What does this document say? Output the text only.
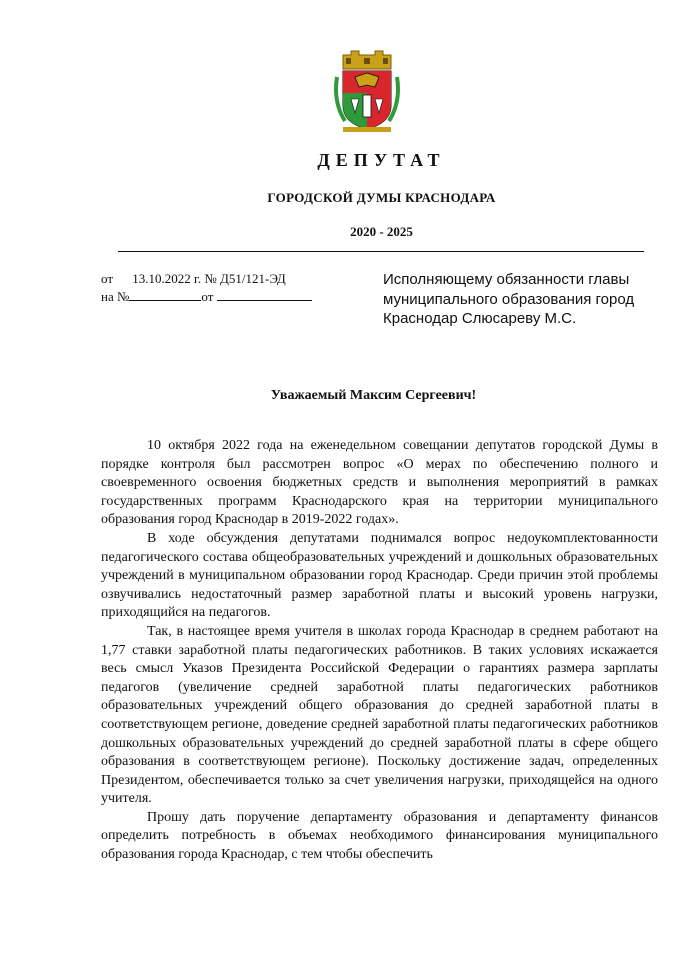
ДЕПУТАТ
ГОРОДСКОЙ ДУМЫ КРАСНОДАРА
2020 - 2025
от 13.10.2022 г. № Д51/121-ЭД
на №	от
Исполняющему обязанности главы
муниципального образования город
Краснодар Слюсареву М.С.
Уважаемый Максим Сергеевич!

10 октября 2022 года на еженедельном совещании депутатов городской Думы в порядке контроля был рассмотрен вопрос «О мерах по обеспечению полного и своевременного освоения бюджетных средств и выполнения мероприятий в рамках государственных программ Краснодарского края на территории муниципального образования город Краснодар в 2019-2022 годах».

В ходе обсуждения депутатами поднимался вопрос недоукомплектованности педагогического состава общеобразовательных учреждений и дошкольных образовательных учреждений в муниципальном образовании город Краснодар. Среди причин этой проблемы озвучивались недостаточный размер заработной платы и высокий уровень нагрузки, приходящийся на педагогов.

Так, в настоящее время учителя в школах города Краснодар в среднем работают на 1,77 ставки заработной платы педагогических работников. В таких условиях искажается весь смысл Указов Президента Российской Федерации о гарантиях размера зарплаты педагогов (увеличение средней заработной платы педагогических работников образовательных учреждений общего образования до средней заработной платы в соответствующем регионе, доведение средней заработной платы педагогических работников дошкольных образовательных учреждений до средней заработной платы в сфере общего образования в соответствующем регионе). Поскольку достижение задач, определенных Президентом, обеспечивается только за счет увеличения нагрузки, приходящейся на одного учителя.

Прошу дать поручение департаменту образования и департаменту финансов определить потребность в объемах необходимого финансирования муниципального образования города Краснодар, с тем чтобы обеспечить
